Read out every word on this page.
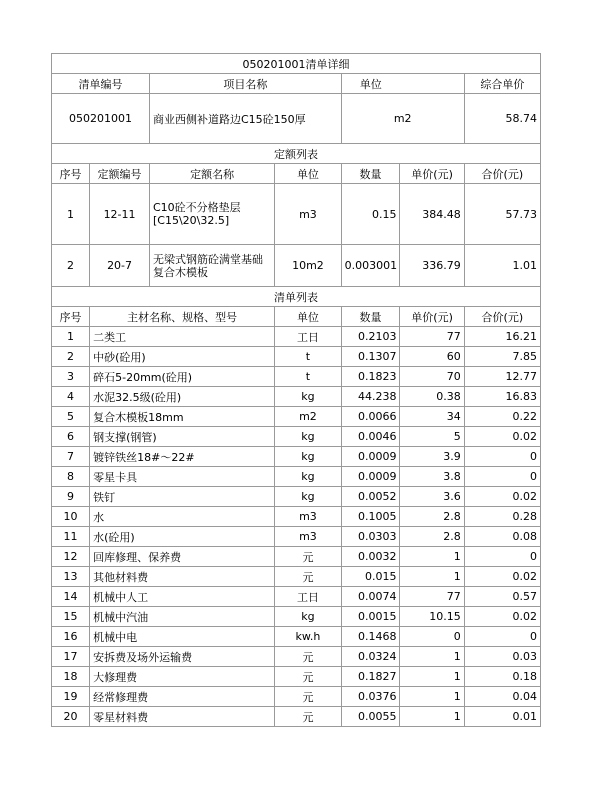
050201001清单详细						
清单编号		项目名称		单位		综合单价
050201001		商业西侧补道路边C15砼150厚		m2		58.74
定额列表						
序号	定额编号	定额名称	单位	数量	单价(元)	合价(元)
1	12-11	C10砼不分格垫层[C15\20\32.5]	m3	0.15	384.48	57.73
2	20-7	无梁式钢筋砼满堂基础复合木模板	10m2	0.003001	336.79	1.01
清单列表						
序号	主材名称、规格、型号		单位	数量	单价(元)	合价(元)
1	二类工		工日	0.2103	77	16.21
2	中砂(砼用)		t	0.1307	60	7.85
3	碎石5-20mm(砼用)		t	0.1823	70	12.77
4	水泥32.5级(砼用)		kg	44.238	0.38	16.83
5	复合木模板18mm		m2	0.0066	34	0.22
6	钢支撑(钢管)		kg	0.0046	5	0.02
7	镀锌铁丝18#～22#		kg	0.0009	3.9	0
8	零星卡具		kg	0.0009	3.8	0
9	铁钉		kg	0.0052	3.6	0.02
10	水		m3	0.1005	2.8	0.28
11	水(砼用)		m3	0.0303	2.8	0.08
12	回库修理、保养费		元	0.0032	1	0
13	其他材料费		元	0.015	1	0.02
14	机械中人工		工日	0.0074	77	0.57
15	机械中汽油		kg	0.0015	10.15	0.02
16	机械中电		kw.h	0.1468	0	0
17	安拆费及场外运输费		元	0.0324	1	0.03
18	大修理费		元	0.1827	1	0.18
19	经常修理费		元	0.0376	1	0.04
20	零星材料费		元	0.0055	1	0.01
